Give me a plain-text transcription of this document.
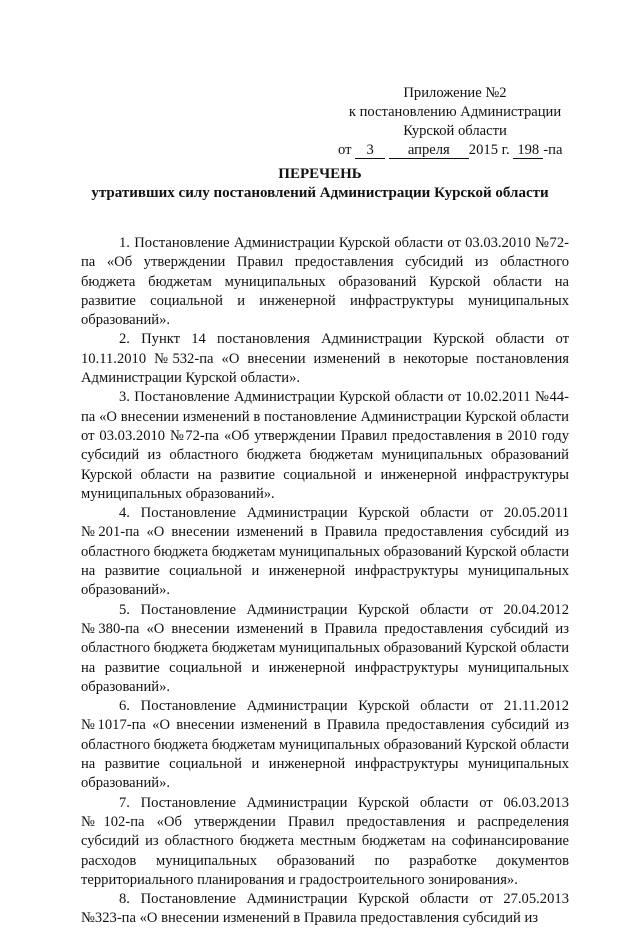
Приложение №2
к постановлению Администрации
Курской области
от 3 апреля 2015 г. 198 -па
ПЕРЕЧЕНЬ
утративших силу постановлений Администрации Курской области

1. Постановление Администрации Курской области от 03.03.2010 №72-па «Об утверждении Правил предоставления субсидий из областного бюджета бюджетам муниципальных образований Курской области на развитие социальной и инженерной инфраструктуры муниципальных образований».

2. Пункт 14 постановления Администрации Курской области от 10.11.2010 №532-па «О внесении изменений в некоторые постановления Администрации Курской области».

3. Постановление Администрации Курской области от 10.02.2011 №44-па «О внесении изменений в постановление Администрации Курской области от 03.03.2010 №72-па «Об утверждении Правил предоставления в 2010 году субсидий из областного бюджета бюджетам муниципальных образований Курской области на развитие социальной и инженерной инфраструктуры муниципальных образований».

4. Постановление Администрации Курской области от 20.05.2011 №201-па «О внесении изменений в Правила предоставления субсидий из областного бюджета бюджетам муниципальных образований Курской области на развитие социальной и инженерной инфраструктуры муниципальных образований».

5. Постановление Администрации Курской области от 20.04.2012 №380-па «О внесении изменений в Правила предоставления субсидий из областного бюджета бюджетам муниципальных образований Курской области на развитие социальной и инженерной инфраструктуры муниципальных образований».

6. Постановление Администрации Курской области от 21.11.2012 №1017-па «О внесении изменений в Правила предоставления субсидий из областного бюджета бюджетам муниципальных образований Курской области на развитие социальной и инженерной инфраструктуры муниципальных образований».

7. Постановление Администрации Курской области от 06.03.2013 №102-па «Об утверждении Правил предоставления и распределения субсидий из областного бюджета местным бюджетам на софинансирование расходов муниципальных образований по разработке документов территориального планирования и градостроительного зонирования».

8. Постановление Администрации Курской области от 27.05.2013 №323-па «О внесении изменений в Правила предоставления субсидий из
